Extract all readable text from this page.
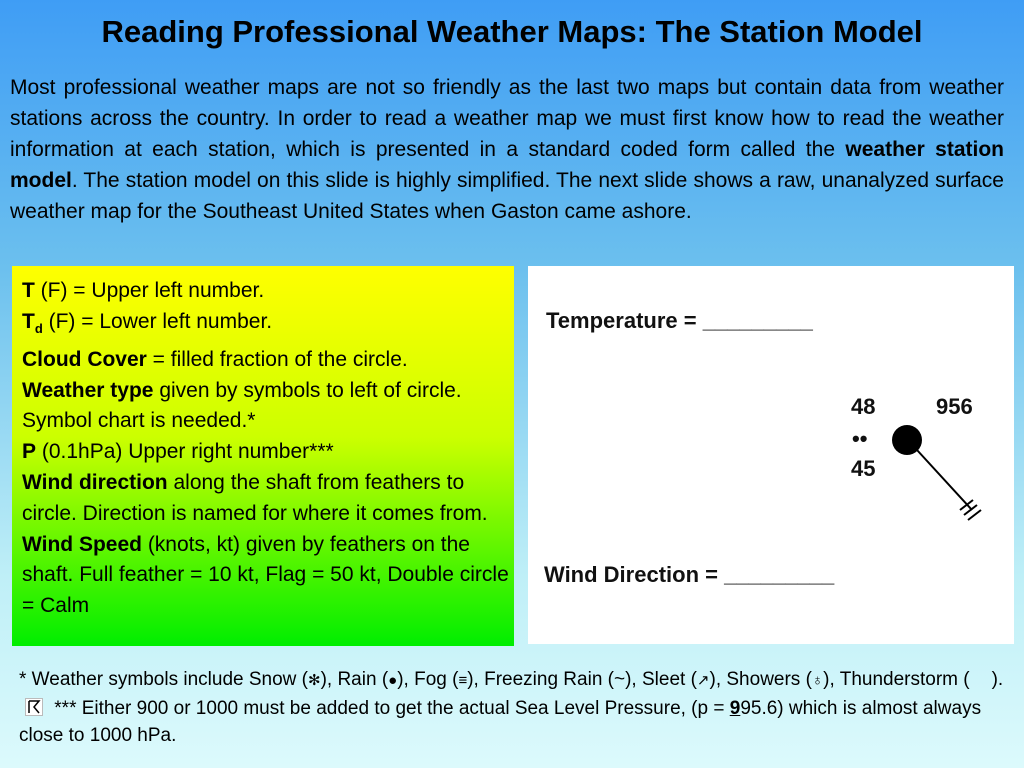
Reading Professional Weather Maps: The Station Model

Most professional weather maps are not so friendly as the last two maps but contain data from weather stations across the country. In order to read a weather map we must first know how to read the weather information at each station, which is presented in a standard coded form called the weather station model. The station model on this slide is highly simplified. The next slide shows a raw, unanalyzed surface weather map for the Southeast United States when Gaston came ashore.

T (F) = Upper left number.

$T_d$ (F) = Lower left number.

Cloud Cover = filled fraction of the circle.

Weather type given by symbols to left of circle. Symbol chart is needed.*

P (0.1hPa) Upper right number***

Wind direction along the shaft from feathers to circle. Direction is named for where it comes from.

Wind Speed (knots, kt) given by feathers on the shaft. Full feather = 10 kt, Flag = 50 kt, Double circle = Calm

Temperature = _________
48	956
••
45
Wind Direction = _________

* Weather symbols include Snow (✻), Rain (●), Fog (≡), Freezing Rain (~), Sleet (↗), Showers (♁), Thunderstorm ( ). *** Either 900 or 1000 must be added to get the actual Sea Level Pressure, (p = 995.6) which is almost always close to 1000 hPa.
